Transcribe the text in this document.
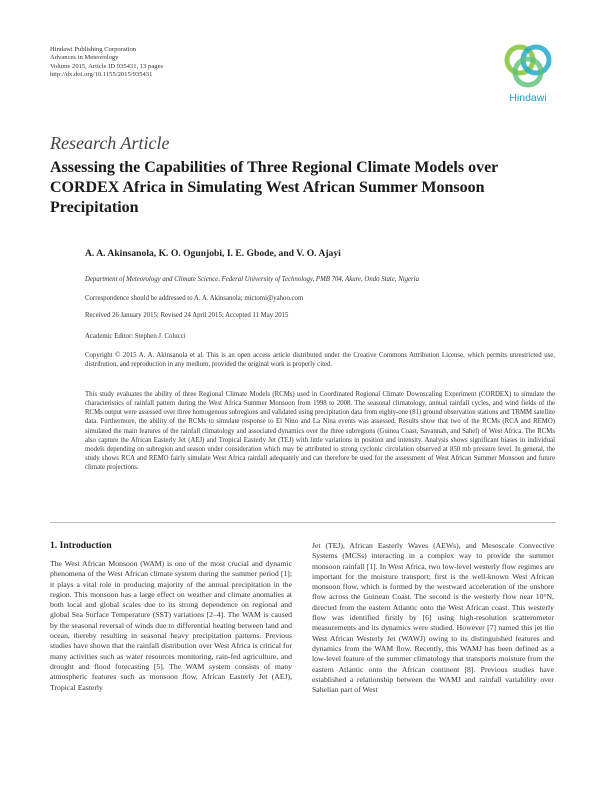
Hindawi Publishing Corporation
Advances in Meteorology
Volume 2015, Article ID 935431, 13 pages
http://dx.doi.org/10.1155/2015/935431
Hindawi
Research Article
Assessing the Capabilities of Three Regional Climate Models over CORDEX Africa in Simulating West African Summer Monsoon Precipitation
A. A. Akinsanola, K. O. Ogunjobi, I. E. Gbode, and V. O. Ajayi
Department of Meteorology and Climate Science, Federal University of Technology, PMB 704, Akure, Ondo State, Nigeria
Correspondence should be addressed to A. A. Akinsanola; mictomi@yahoo.com
Received 26 January 2015; Revised 24 April 2015; Accepted 11 May 2015
Academic Editor: Stephen J. Colucci
Copyright © 2015 A. A. Akinsanola et al. This is an open access article distributed under the Creative Commons Attribution License, which permits unrestricted use, distribution, and reproduction in any medium, provided the original work is properly cited.
This study evaluates the ability of three Regional Climate Models (RCMs) used in Coordinated Regional Climate Downscaling Experiment (CORDEX) to simulate the characteristics of rainfall pattern during the West Africa Summer Monsoon from 1998 to 2008. The seasonal climatology, annual rainfall cycles, and wind fields of the RCMs output were assessed over three homogenous subregions and validated using precipitation data from eighty-one (81) ground observation stations and TRMM satellite data. Furthermore, the ability of the RCMs to simulate response to El Nino and La Nina events was assessed. Results show that two of the RCMs (RCA and REMO) simulated the main features of the rainfall climatology and associated dynamics over the three subregions (Guinea Coast, Savannah, and Sahel) of West Africa. The RCMs also capture the African Easterly Jet (AEJ) and Tropical Easterly Jet (TEJ) with little variations in position and intensity. Analysis shows significant biases in individual models depending on subregion and season under consideration which may be attributed to strong cyclonic circulation observed at 850 mb pressure level. In general, the study shows RCA and REMO fairly simulate West Africa rainfall adequately and can therefore be used for the assessment of West African Summer Monsoon and future climate projections.
1. Introduction
The West African Monsoon (WAM) is one of the most crucial and dynamic phenomena of the West African climate system during the summer period [1]; it plays a vital role in producing majority of the annual precipitation in the region. This monsoon has a large effect on weather and climate anomalies at both local and global scales due to its strong dependence on regional and global Sea Surface Temperature (SST) variations [2–4]. The WAM is caused by the seasonal reversal of winds due to differential heating between land and ocean, thereby resulting in seasonal heavy precipitation patterns. Previous studies have shown that the rainfall distribution over West Africa is critical for many activities such as water resources monitoring, rain-fed agriculture, and drought and flood forecasting [5]. The WAM system consists of many atmospheric features such as monsoon flow, African Easterly Jet (AEJ), Tropical Easterly
Jet (TEJ), African Easterly Waves (AEWs), and Mesoscale Convective Systems (MCSs) interacting in a complex way to provide the summer monsoon rainfall [1]. In West Africa, two low-level westerly flow regimes are important for the moisture transport; first is the well-known West African monsoon flow, which is formed by the westward acceleration of the onshore flow across the Guinean Coast. The second is the westerly flow near 10°N, directed from the eastern Atlantic onto the West African coast. This westerly flow was identified firstly by [6] using high-resolution scatterometer measurements and its dynamics were studied. However [7] named this jet the West African Westerly Jet (WAWJ) owing to its distinguished features and dynamics from the WAM flow. Recently, this WAMJ has been defined as a low-level feature of the summer climatology that transports moisture from the eastern Atlantic onto the African continent [8]. Previous studies have established a relationship between the WAMJ and rainfall variability over Sahelian part of West
